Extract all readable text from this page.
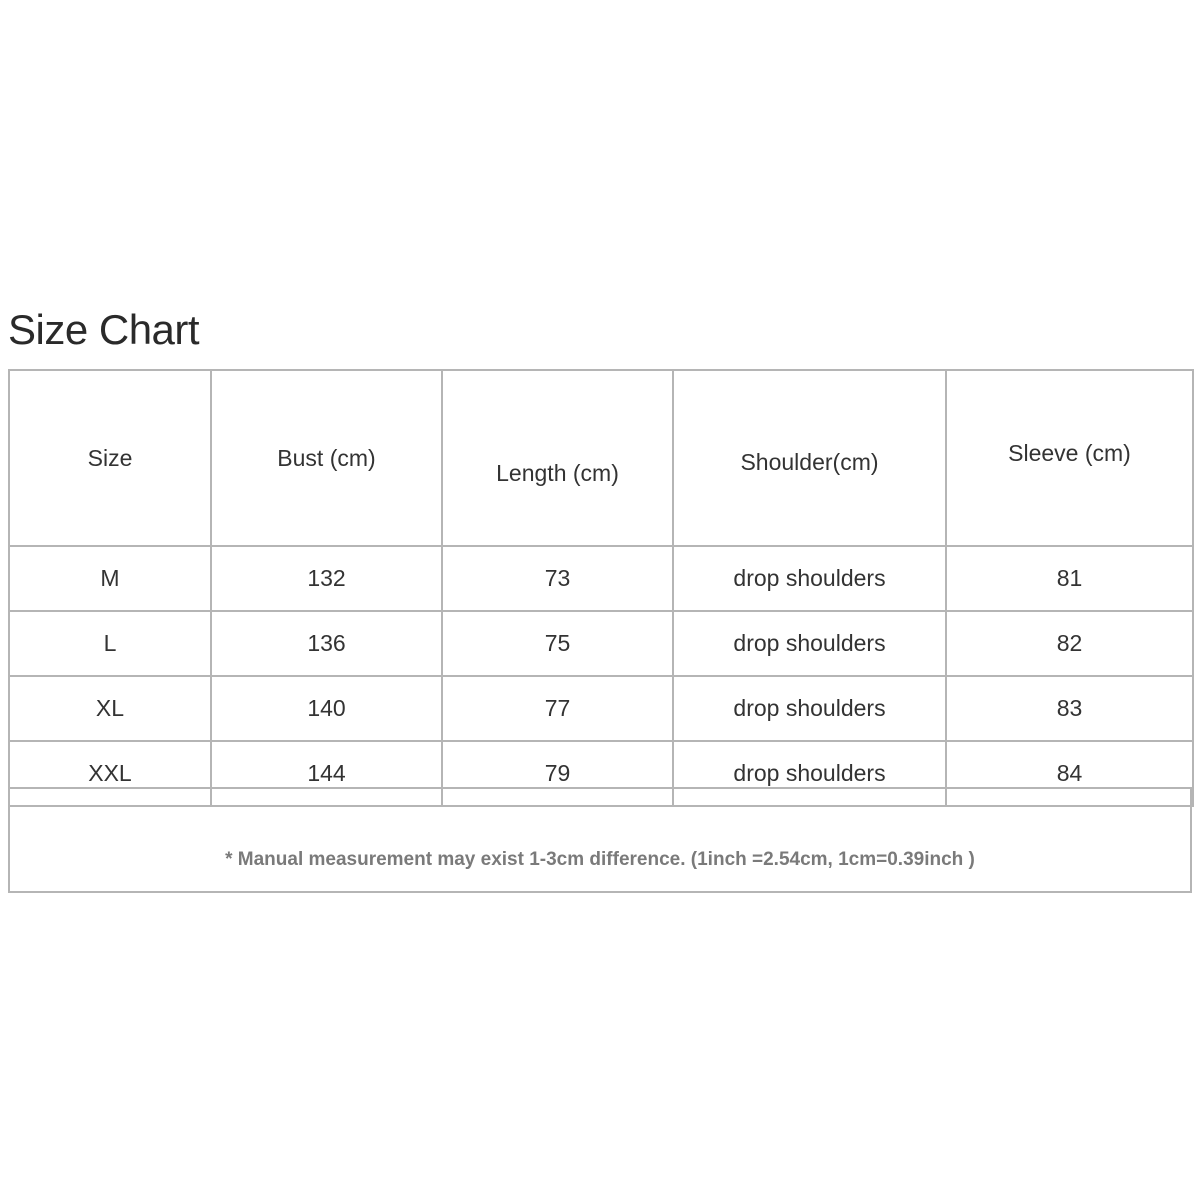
Size Chart
Size	Bust (cm)	Length (cm)	Shoulder(cm)	Sleeve (cm)
M	132	73	drop shoulders	81
L	136	75	drop shoulders	82
XL	140	77	drop shoulders	83
XXL	144	79	drop shoulders	84
* Manual measurement may exist 1-3cm difference. (1inch =2.54cm, 1cm=0.39inch )
